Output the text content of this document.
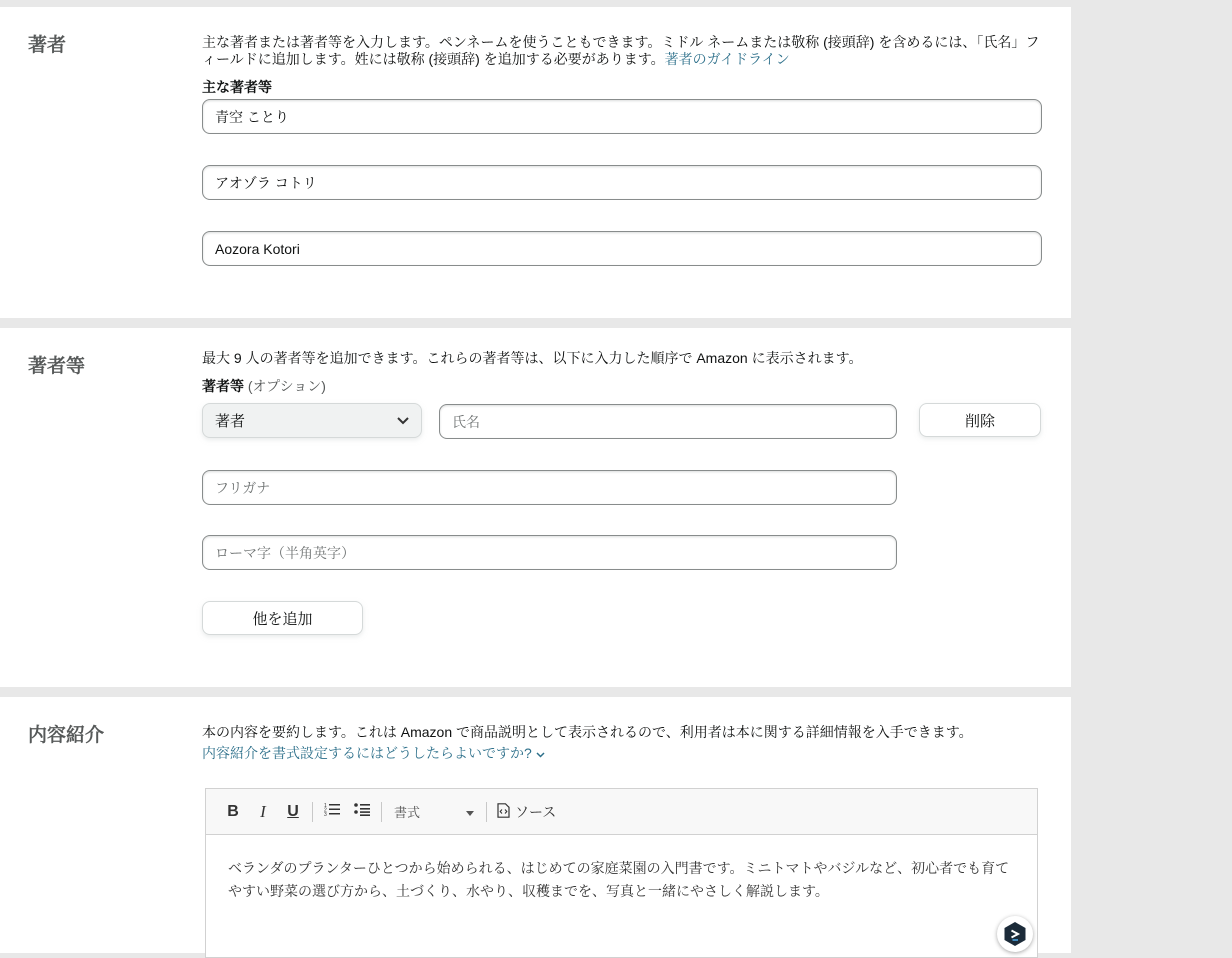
著者	主な著者または著者等を入力します。ペンネームを使うこともできます。ミドル ネームまたは敬称 (接頭辞) を含めるには、「氏名」フィールドに追加します。姓には敬称 (接頭辞) を追加する必要があります。著者のガイドライン
主な著者等
青空 ことり
アオゾラ コトリ
Aozora Kotori
著者等	最大 9 人の著者等を追加できます。これらの著者等は、以下に入力した順序で Amazon に表示されます。
著者等 (オプション)
著者	氏名	削除
フリガナ
ローマ字（半角英字）
他を追加
内容紹介	本の内容を要約します。これは Amazon で商品説明として表示されるので、利用者は本に関する詳細情報を入手できます。
内容紹介を書式設定するにはどうしたらよいですか?
B	I	U	1
2
3	書式	ソース
ベランダのプランターひとつから始められる、はじめての家庭菜園の入門書です。ミニトマトやバジルなど、初心者でも育てやすい野菜の選び方から、土づくり、水やり、収穫までを、写真と一緒にやさしく解説します。
